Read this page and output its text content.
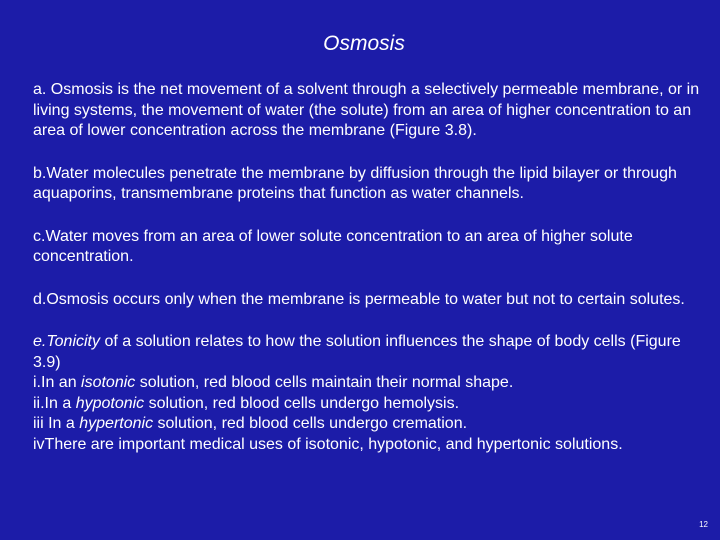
Osmosis

a. Osmosis is the net movement of a solvent through a selectively permeable membrane, or in living systems, the movement of water (the solute) from an area of higher concentration to an area of lower concentration across the membrane (Figure 3.8).

b.Water molecules penetrate the membrane by diffusion through the lipid bilayer or through aquaporins, transmembrane proteins that function as water channels.

c.Water moves from an area of lower solute concentration to an area of higher solute concentration.

d.Osmosis occurs only when the membrane is permeable to water but not to certain solutes.

e.Tonicity of a solution relates to how the solution influences the shape of body cells (Figure 3.9)

i.In an isotonic solution, red blood cells maintain their normal shape.
ii.In a hypotonic solution, red blood cells undergo hemolysis.
iii In a hypertonic solution, red blood cells undergo cremation.
ivThere are important medical uses of isotonic, hypotonic, and hypertonic solutions.
12
